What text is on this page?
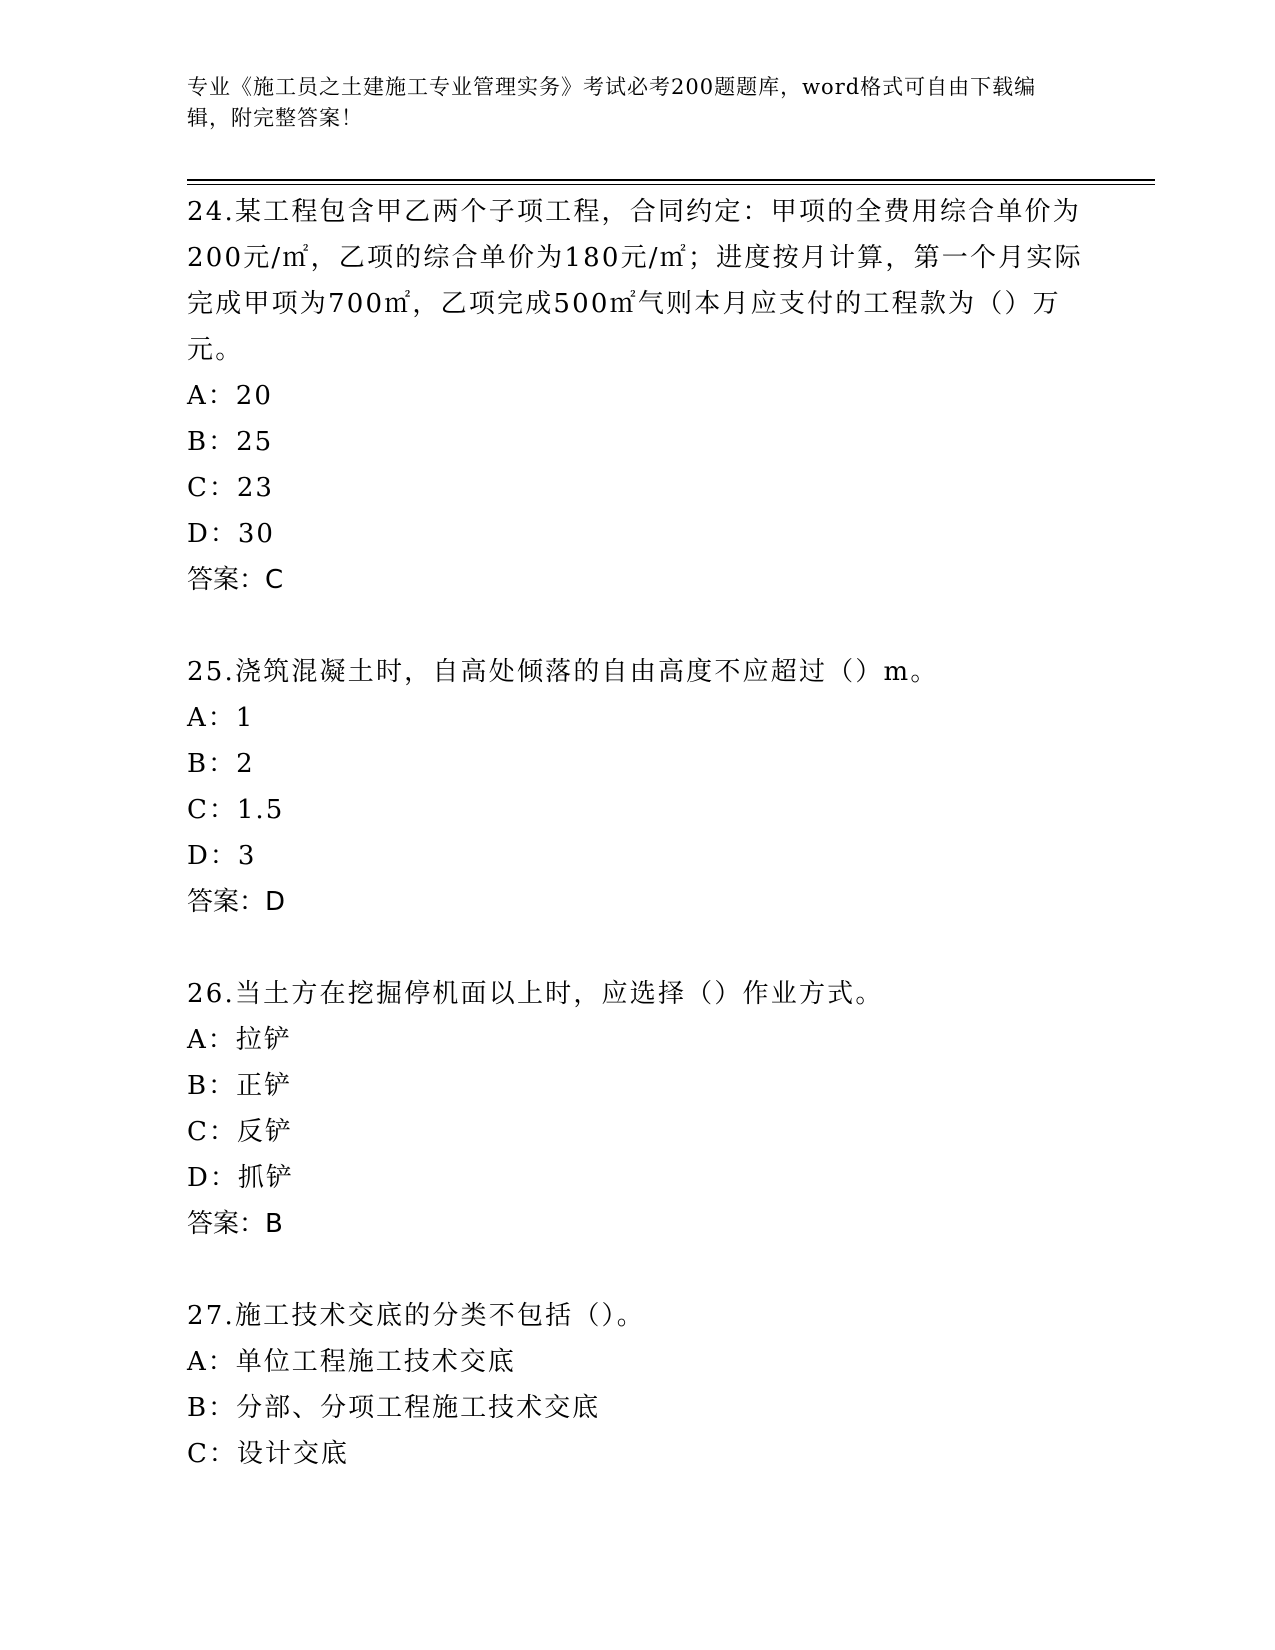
专业《施工员之土建施工专业管理实务》考试必考200题题库，word格式可自由下载编辑，附完整答案！

24.某工程包含甲乙两个子项工程，合同约定：甲项的全费用综合单价为200元/㎡，乙项的综合单价为180元/㎡；进度按月计算，第一个月实际完成甲项为700㎡，乙项完成500㎡气则本月应支付的工程款为（）万元。

A：20

B：25

C：23

D：30

答案：C

25.浇筑混凝土时，自高处倾落的自由高度不应超过（）m。

A：1

B：2

C：1.5

D：3

答案：D

26.当土方在挖掘停机面以上时，应选择（）作业方式。

A：拉铲

B：正铲

C：反铲

D：抓铲

答案：B

27.施工技术交底的分类不包括（）。

A：单位工程施工技术交底

B：分部、分项工程施工技术交底

C：设计交底
